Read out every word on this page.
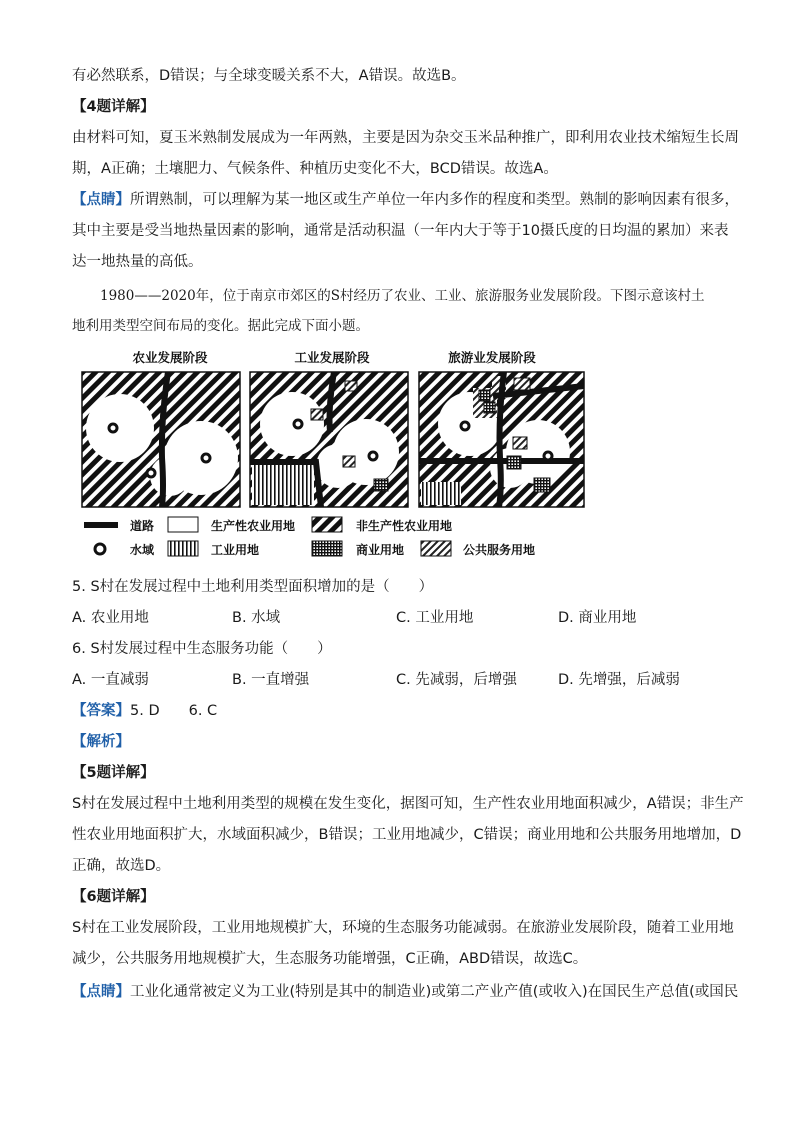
有必然联系，D错误；与全球变暖关系不大，A错误。故选B。
【4题详解】
由材料可知，夏玉米熟制发展成为一年两熟，主要是因为杂交玉米品种推广，即利用农业技术缩短生长周
期，A正确；土壤肥力、气候条件、种植历史变化不大，BCD错误。故选A。
【点睛】所谓熟制，可以理解为某一地区或生产单位一年内多作的程度和类型。熟制的影响因素有很多，
其中主要是受当地热量因素的影响，通常是活动积温（一年内大于等于10摄氏度的日均温的累加）来表
达一地热量的高低。
1980——2020年，位于南京市郊区的S村经历了农业、工业、旅游服务业发展阶段。下图示意该村土
地利用类型空间布局的变化。据此完成下面小题。
农业发展阶段	工业发展阶段	旅游业发展阶段
道路	生产性农业用地	非生产性农业用地
水域	工业用地	商业用地	公共服务用地
5. S村在发展过程中土地利用类型面积增加的是（　　）
A. 农业用地	B. 水域	C. 工业用地	D. 商业用地
6. S村发展过程中生态服务功能（　　）
A. 一直减弱	B. 一直增强	C. 先减弱，后增强	D. 先增强，后减弱
【答案】5. D　　6. C
【解析】
【5题详解】
S村在发展过程中土地利用类型的规模在发生变化，据图可知，生产性农业用地面积减少，A错误；非生产
性农业用地面积扩大，水域面积减少，B错误；工业用地减少，C错误；商业用地和公共服务用地增加，D
正确，故选D。
【6题详解】
S村在工业发展阶段，工业用地规模扩大，环境的生态服务功能减弱。在旅游业发展阶段，随着工业用地
减少，公共服务用地规模扩大，生态服务功能增强，C正确，ABD错误，故选C。
【点睛】工业化通常被定义为工业(特别是其中的制造业)或第二产业产值(或收入)在国民生产总值(或国民
